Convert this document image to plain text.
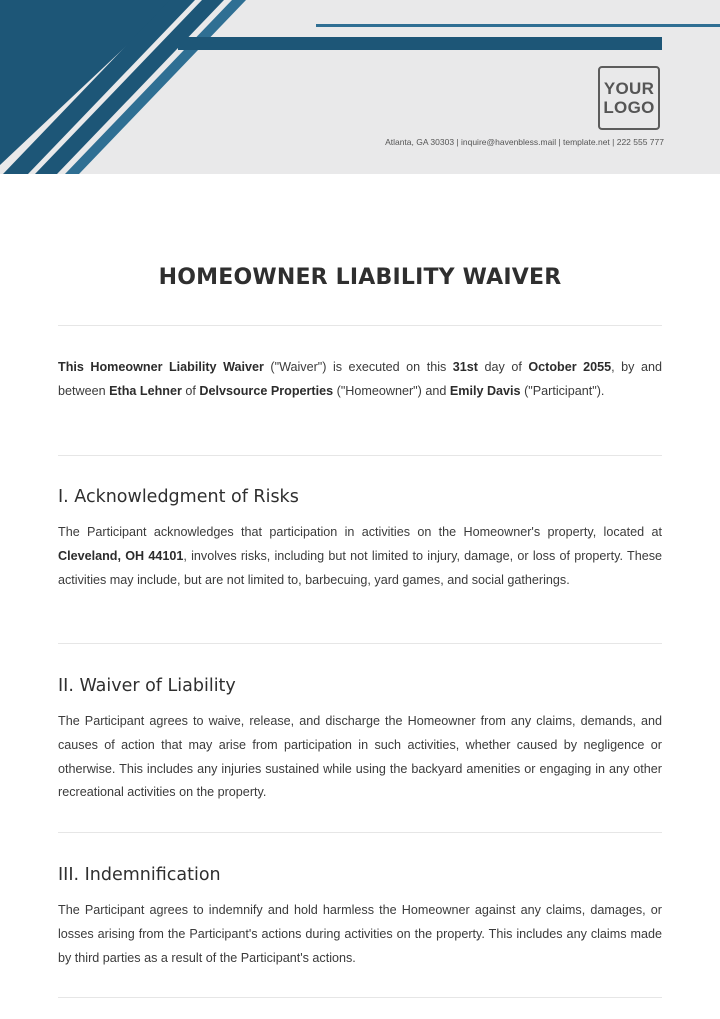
YOUR
LOGO
Atlanta, GA 30303 | inquire@havenbless.mail | template.net | 222 555 777
HOMEOWNER LIABILITY WAIVER

This Homeowner Liability Waiver ("Waiver") is executed on this 31st day of October 2055, by and between Etha Lehner of Delvsource Properties ("Homeowner") and Emily Davis ("Participant").

I. Acknowledgment of Risks

The Participant acknowledges that participation in activities on the Homeowner's property, located at Cleveland, OH 44101, involves risks, including but not limited to injury, damage, or loss of property. These activities may include, but are not limited to, barbecuing, yard games, and social gatherings.

II. Waiver of Liability

The Participant agrees to waive, release, and discharge the Homeowner from any claims, demands, and causes of action that may arise from participation in such activities, whether caused by negligence or otherwise. This includes any injuries sustained while using the backyard amenities or engaging in any other recreational activities on the property.

III. Indemnification

The Participant agrees to indemnify and hold harmless the Homeowner against any claims, damages, or losses arising from the Participant's actions during activities on the property. This includes any claims made by third parties as a result of the Participant's actions.
